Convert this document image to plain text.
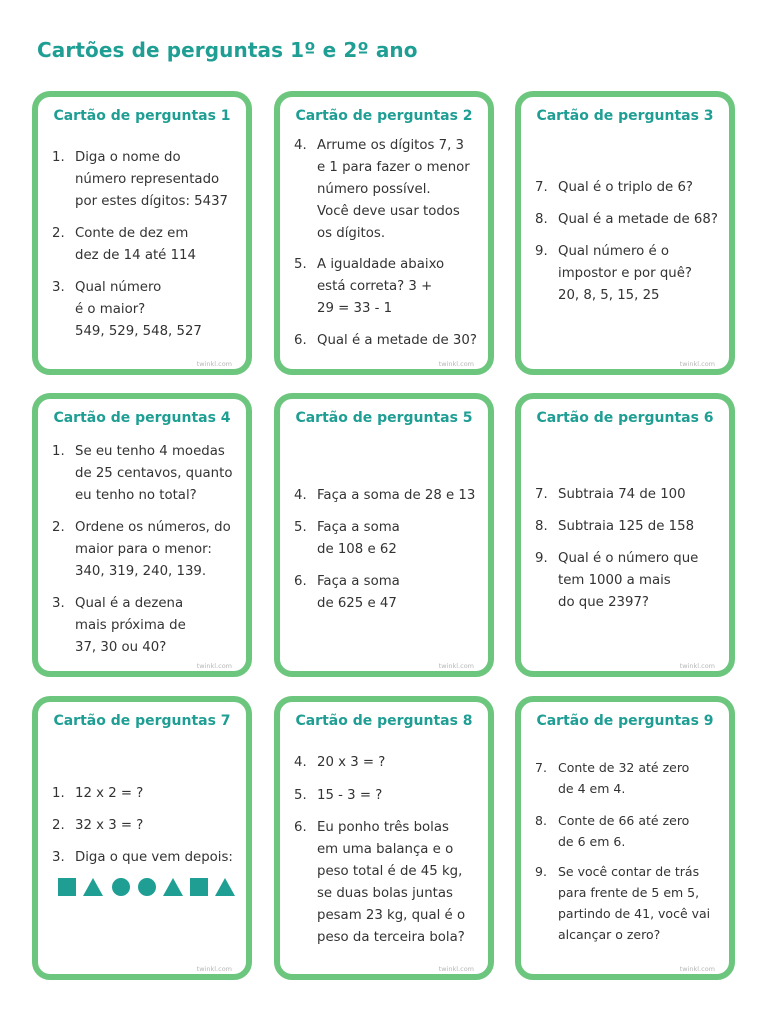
Cartões de perguntas 1º e 2º ano
Cartão de perguntas 1
1. Diga o nome do
número representado
por estes dígitos: 5437
2. Conte de dez em
dez de 14 até 114
3. Qual número
é o maior?
549, 529, 548, 527
twinkl.com
Cartão de perguntas 2
4. Arrume os dígitos 7, 3
e 1 para fazer o menor
número possível.
Você deve usar todos
os dígitos.
5. A igualdade abaixo
está correta? 3 +
29 = 33 - 1
6. Qual é a metade de 30?
twinkl.com
Cartão de perguntas 3
7. Qual é o triplo de 6?
8. Qual é a metade de 68?
9. Qual número é o
impostor e por quê?
20, 8, 5, 15, 25
twinkl.com
Cartão de perguntas 4
1. Se eu tenho 4 moedas
de 25 centavos, quanto
eu tenho no total?
2. Ordene os números, do
maior para o menor:
340, 319, 240, 139.
3. Qual é a dezena
mais próxima de
37, 30 ou 40?
twinkl.com
Cartão de perguntas 5
4. Faça a soma de 28 e 13
5. Faça a soma
de 108 e 62
6. Faça a soma
de 625 e 47
twinkl.com
Cartão de perguntas 6
7. Subtraia 74 de 100
8. Subtraia 125 de 158
9. Qual é o número que
tem 1000 a mais
do que 2397?
twinkl.com
Cartão de perguntas 7
1. 12 x 2 = ?
2. 32 x 3 = ?
3. Diga o que vem depois:
twinkl.com
Cartão de perguntas 8
4. 20 x 3 = ?
5. 15 - 3 = ?
6. Eu ponho três bolas
em uma balança e o
peso total é de 45 kg,
se duas bolas juntas
pesam 23 kg, qual é o
peso da terceira bola?
twinkl.com
Cartão de perguntas 9
7. Conte de 32 até zero
de 4 em 4.
8. Conte de 66 até zero
de 6 em 6.
9. Se você contar de trás
para frente de 5 em 5,
partindo de 41, você vai
alcançar o zero?
twinkl.com
